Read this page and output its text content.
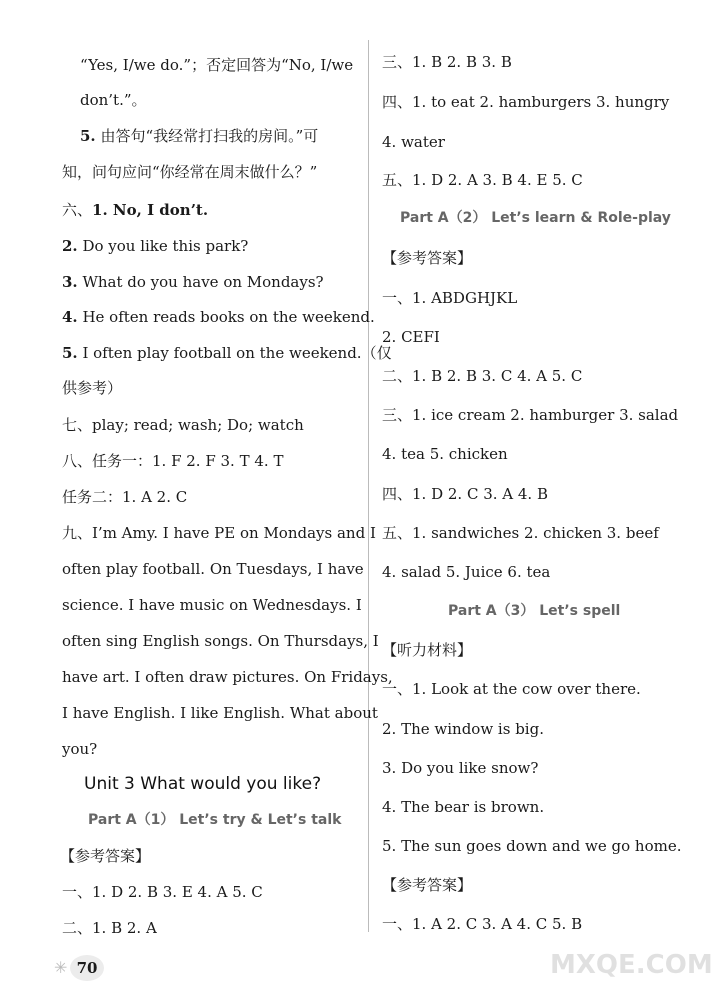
“Yes, I/we do.”；否定回答为“No, I/we
don’t.”。
5. 由答句“我经常打扫我的房间。”可
知，问句应问“你经常在周末做什么？”
六、1. No, I don’t.
2. Do you like this park?
3. What do you have on Mondays?
4. He often reads books on the weekend.
5. I often play football on the weekend.（仅
供参考）
七、play; read; wash; Do; watch
八、任务一：1. F 2. F 3. T 4. T
任务二：1. A 2. C
九、I’m Amy. I have PE on Mondays and I
often play football. On Tuesdays, I have
science. I have music on Wednesdays. I
often sing English songs. On Thursdays, I
have art. I often draw pictures. On Fridays,
I have English. I like English. What about
you?
Unit 3 What would you like?
Part A（1） Let’s try & Let’s talk
【参考答案】
一、1. D 2. B 3. E 4. A 5. C
二、1. B 2. A
三、1. B 2. B 3. B
四、1. to eat 2. hamburgers 3. hungry
4. water
五、1. D 2. A 3. B 4. E 5. C
Part A（2） Let’s learn & Role-play
【参考答案】
一、1. ABDGHJKL
2. CEFI
二、1. B 2. B 3. C 4. A 5. C
三、1. ice cream 2. hamburger 3. salad
4. tea 5. chicken
四、1. D 2. C 3. A 4. B
五、1. sandwiches 2. chicken 3. beef
4. salad 5. Juice 6. tea
Part A（3） Let’s spell
【听力材料】
一、1. Look at the cow over there.
2. The window is big.
3. Do you like snow?
4. The bear is brown.
5. The sun goes down and we go home.
【参考答案】
一、1. A 2. C 3. A 4. C 5. B
✳ 70	MXQE.COM
